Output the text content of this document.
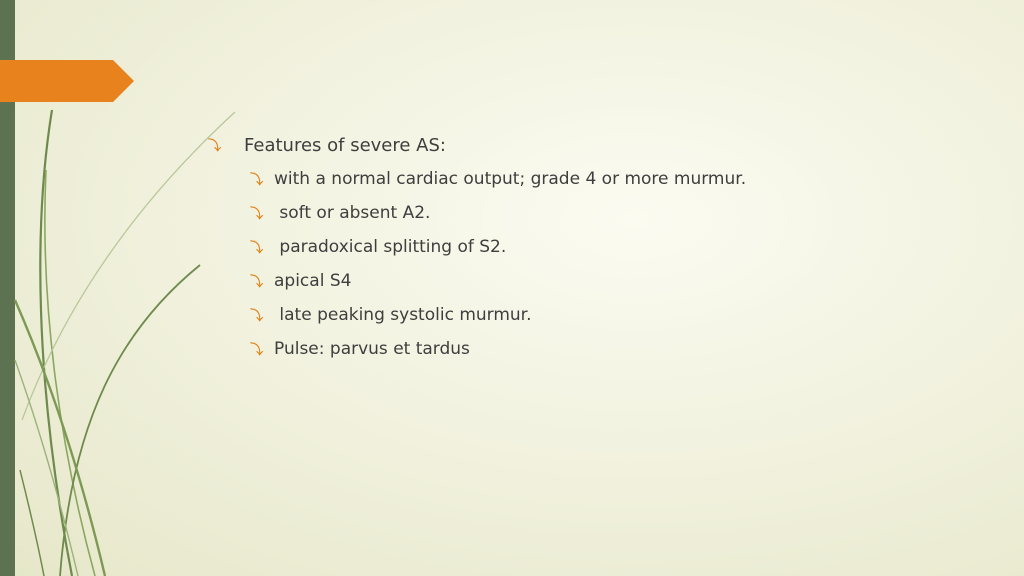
⤵	Features of severe AS:
⤵ with a normal cardiac output; grade 4 or more murmur.
⤵ soft or absent A2.
⤵ paradoxical splitting of S2.
⤵ apical S4
⤵ late peaking systolic murmur.
⤵ Pulse: parvus et tardus
